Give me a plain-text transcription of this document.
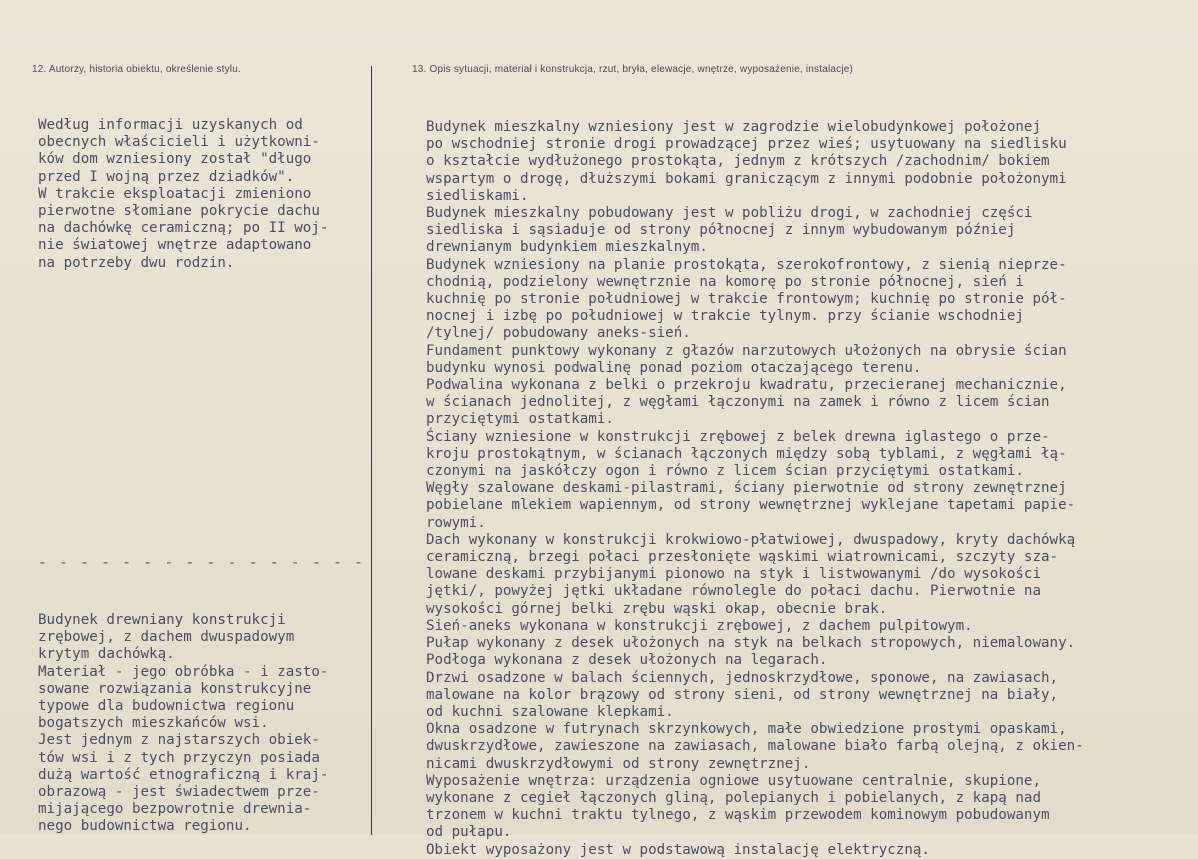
12. Autorzy, historia obiektu, określenie stylu.	13. Opis sytuacji, materiał i konstrukcja, rzut, bryła, elewacje, wnętrze, wyposażenie, instalacje)
Według informacji uzyskanych od
obecnych właścicieli i użytkowni-
ków dom wzniesiony został "długo
przed I wojną przez dziadków".
W trakcie eksploatacji zmieniono
pierwotne słomiane pokrycie dachu
na dachówkę ceramiczną; po II woj-
nie światowej wnętrze adaptowano
na potrzeby dwu rodzin.
- - - - - - - - - - - - - - - -
Budynek drewniany konstrukcji
zrębowej, z dachem dwuspadowym
krytym dachówką.
Materiał - jego obróbka - i zasto-
sowane rozwiązania konstrukcyjne
typowe dla budownictwa regionu
bogatszych mieszkańców wsi.
Jest jednym z najstarszych obiek-
tów wsi i z tych przyczyn posiada
dużą wartość etnograficzną i kraj-
obrazową - jest świadectwem prze-
mijającego bezpowrotnie drewnia-
nego budownictwa regionu.
Budynek mieszkalny wzniesiony jest w zagrodzie wielobudynkowej położonej
po wschodniej stronie drogi prowadzącej przez wieś; usytuowany na siedlisku
o kształcie wydłużonego prostokąta, jednym z krótszych /zachodnim/ bokiem
wspartym o drogę, dłuższymi bokami graniczącym z innymi podobnie położonymi
siedliskami.
Budynek mieszkalny pobudowany jest w pobliżu drogi, w zachodniej części
siedliska i sąsiaduje od strony północnej z innym wybudowanym później
drewnianym budynkiem mieszkalnym.
Budynek wzniesiony na planie prostokąta, szerokofrontowy, z sienią nieprze-
chodnią, podzielony wewnętrznie na komorę po stronie północnej, sień i
kuchnię po stronie południowej w trakcie frontowym; kuchnię po stronie pół-
nocnej i izbę po południowej w trakcie tylnym. przy ścianie wschodniej
/tylnej/ pobudowany aneks-sień.
Fundament punktowy wykonany z głazów narzutowych ułożonych na obrysie ścian
budynku wynosi podwalinę ponad poziom otaczającego terenu.
Podwalina wykonana z belki o przekroju kwadratu, przecieranej mechanicznie,
w ścianach jednolitej, z węgłami łączonymi na zamek i równo z licem ścian
przyciętymi ostatkami.
Ściany wzniesione w konstrukcji zrębowej z belek drewna iglastego o prze-
kroju prostokątnym, w ścianach łączonych między sobą tyblami, z węgłami łą-
czonymi na jaskółczy ogon i równo z licem ścian przyciętymi ostatkami.
Węgły szalowane deskami-pilastrami, ściany pierwotnie od strony zewnętrznej
pobielane mlekiem wapiennym, od strony wewnętrznej wyklejane tapetami papie-
rowymi.
Dach wykonany w konstrukcji krokwiowo-płatwiowej, dwuspadowy, kryty dachówką
ceramiczną, brzegi połaci przesłonięte wąskimi wiatrownicami, szczyty sza-
lowane deskami przybijanymi pionowo na styk i listwowanymi /do wysokości
jętki/, powyżej jętki układane równolegle do połaci dachu. Pierwotnie na
wysokości górnej belki zrębu wąski okap, obecnie brak.
Sień-aneks wykonana w konstrukcji zrębowej, z dachem pulpitowym.
Pułap wykonany z desek ułożonych na styk na belkach stropowych, niemalowany.
Podłoga wykonana z desek ułożonych na legarach.
Drzwi osadzone w balach ściennych, jednoskrzydłowe, sponowe, na zawiasach,
malowane na kolor brązowy od strony sieni, od strony wewnętrznej na biały,
od kuchni szalowane klepkami.
Okna osadzone w futrynach skrzynkowych, małe obwiedzione prostymi opaskami,
dwuskrzydłowe, zawieszone na zawiasach, malowane biało farbą olejną, z okien-
nicami dwuskrzydłowymi od strony zewnętrznej.
Wyposażenie wnętrza: urządzenia ogniowe usytuowane centralnie, skupione,
wykonane z cegieł łączonych gliną, polepianych i pobielanych, z kapą nad
trzonem w kuchni traktu tylnego, z wąskim przewodem kominowym pobudowanym
od pułapu.
Obiekt wyposażony jest w podstawową instalację elektryczną.
